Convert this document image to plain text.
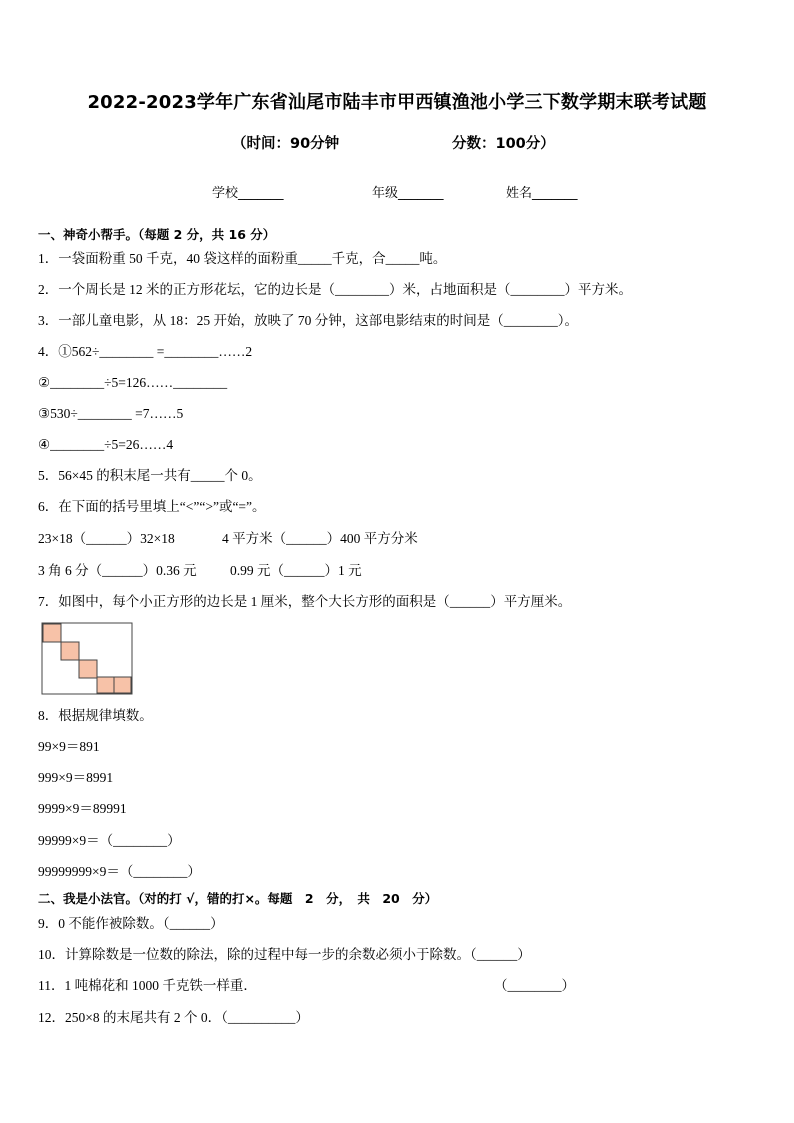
2022-2023学年广东省汕尾市陆丰市甲西镇渔池小学三下数学期末联考试题
（时间：90分钟	分数：100分）
学校_______	年级_______	姓名_______
一、神奇小帮手。（每题 2 分，共 16 分）
1．一袋面粉重 50 千克，40 袋这样的面粉重_____千克，合_____吨。
2．一个周长是 12 米的正方形花坛，它的边长是（________）米，占地面积是（________）平方米。
3．一部儿童电影，从 18：25 开始，放映了 70 分钟，这部电影结束的时间是（________）。
4．①562÷________ =________……2
②________÷5=126……________
③530÷________ =7……5
④________÷5=26……4
5．56×45 的积末尾一共有_____个 0。
6．在下面的括号里填上“<”“>”或“=”。
23×18（______）32×18	4 平方米（______）400 平方分米
3 角 6 分（______）0.36 元 0.99 元（______）1 元
7．如图中，每个小正方形的边长是 1 厘米，整个大长方形的面积是（______）平方厘米。
8．根据规律填数。
99×9＝891
999×9＝8991
9999×9＝89991
99999×9＝（________）
99999999×9＝（________）
二、我是小法官。（对的打 √，错的打×。每题　2　分，　共　20　分）
9．0 不能作被除数。（______）
10．计算除数是一位数的除法，除的过程中每一步的余数必须小于除数。（______）
11．1 吨棉花和 1000 千克铁一样重．	（________）
12．250×8 的末尾共有 2 个 0．（__________）
